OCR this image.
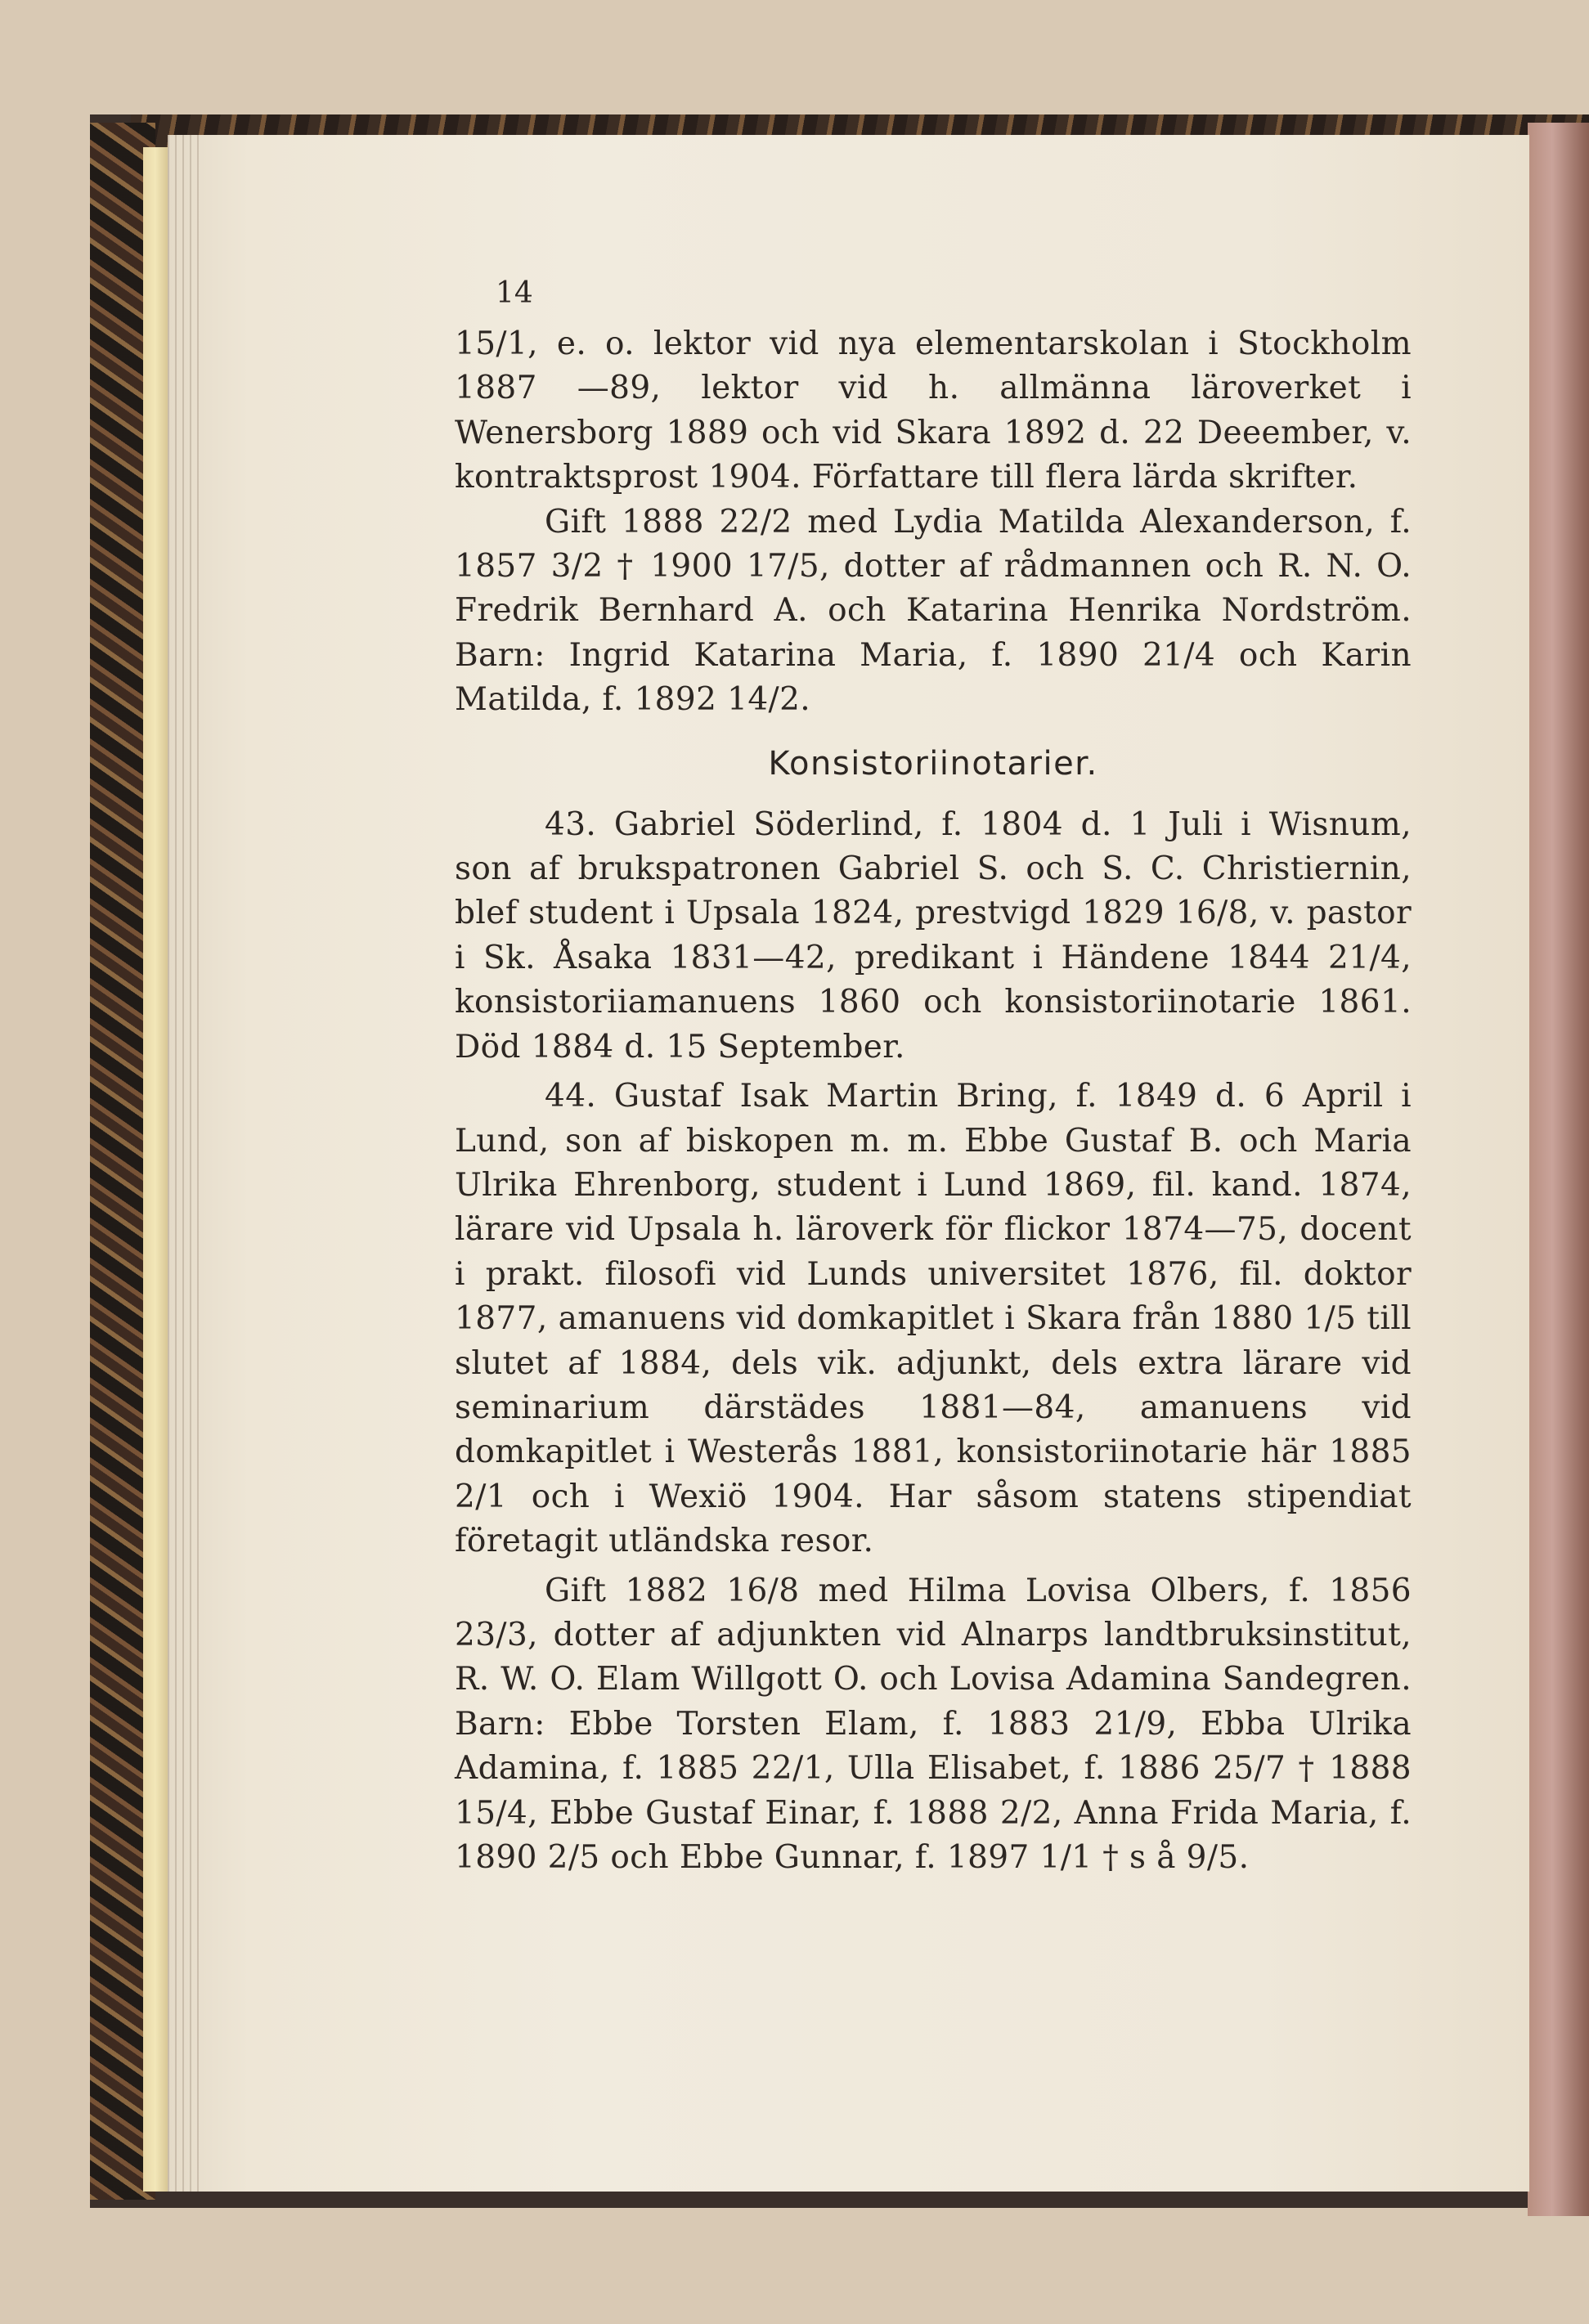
14

15/1, e. o. lektor vid nya elementarskolan i Stockholm 1887 —89, lektor vid h. allmänna läroverket i Wenersborg 1889 och vid Skara 1892 d. 22 Deeember, v. kontraktsprost 1904. Författare till flera lärda skrifter.

Gift 1888 22/2 med Lydia Matilda Alexanderson, f. 1857 3/2 † 1900 17/5, dotter af rådmannen och R. N. O. Fredrik Bernhard A. och Katarina Henrika Nordström. Barn: Ingrid Katarina Maria, f. 1890 21/4 och Karin Matilda, f. 1892 14/2.

Konsistoriinotarier.

43. Gabriel Söderlind, f. 1804 d. 1 Juli i Wisnum, son af brukspatronen Gabriel S. och S. C. Christiernin, blef student i Upsala 1824, prestvigd 1829 16/8, v. pastor i Sk. Åsaka 1831—42, predikant i Händene 1844 21/4, konsistoriiamanuens 1860 och konsistoriinotarie 1861. Död 1884 d. 15 September.

44. Gustaf Isak Martin Bring, f. 1849 d. 6 April i Lund, son af biskopen m. m. Ebbe Gustaf B. och Maria Ulrika Ehrenborg, student i Lund 1869, fil. kand. 1874, lärare vid Upsala h. läroverk för flickor 1874—75, docent i prakt. filosofi vid Lunds universitet 1876, fil. doktor 1877, amanuens vid domkapitlet i Skara från 1880 1/5 till slutet af 1884, dels vik. adjunkt, dels extra lärare vid seminarium därstädes 1881—84, amanuens vid domkapitlet i Westerås 1881, konsistoriinotarie här 1885 2/1 och i Wexiö 1904. Har såsom statens stipendiat företagit utländska resor.

Gift 1882 16/8 med Hilma Lovisa Olbers, f. 1856 23/3, dotter af adjunkten vid Alnarps landtbruksinstitut, R. W. O. Elam Willgott O. och Lovisa Adamina Sandegren. Barn: Ebbe Torsten Elam, f. 1883 21/9, Ebba Ulrika Adamina, f. 1885 22/1, Ulla Elisabet, f. 1886 25/7 † 1888 15/4, Ebbe Gustaf Einar, f. 1888 2/2, Anna Frida Maria, f. 1890 2/5 och Ebbe Gunnar, f. 1897 1/1 † s å 9/5.
